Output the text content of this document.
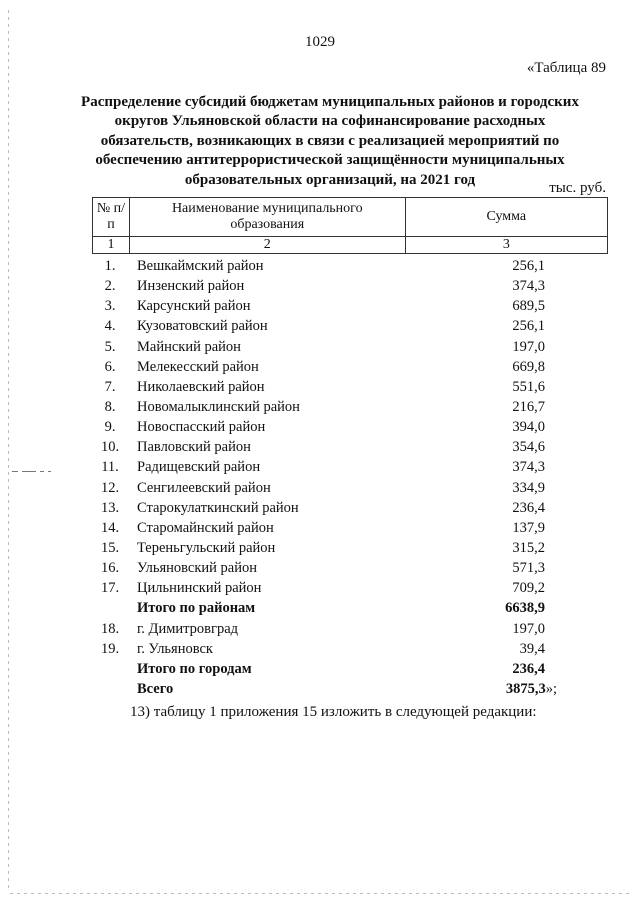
1029
«Таблица 89
Распределение субсидий бюджетам муниципальных районов и городских округов Ульяновской области на софинансирование расходных обязательств, возникающих в связи с реализацией мероприятий по обеспечению антитеррористической защищённости муниципальных образовательных организаций, на 2021 год
тыс. руб.
№ п/п	Наименование муниципального образования	Сумма
1	2	3
1.	Вешкаймский район	256,1
2.	Инзенский район	374,3
3.	Карсунский район	689,5
4.	Кузоватовский район	256,1
5.	Майнский район	197,0
6.	Мелекесский район	669,8
7.	Николаевский район	551,6
8.	Новомалыклинский район	216,7
9.	Новоспасский район	394,0
10.	Павловский район	354,6
11.	Радищевский район	374,3
12.	Сенгилеевский район	334,9
13.	Старокулаткинский район	236,4
14.	Старомайнский район	137,9
15.	Тереньгульский район	315,2
16.	Ульяновский район	571,3
17.	Цильнинский район	709,2
Итого по районам	6638,9
18.	г. Димитровград	197,0
19.	г. Ульяновск	39,4
Итого по городам	236,4
Всего	3875,3»;
13) таблицу 1 приложения 15 изложить в следующей редакции:
